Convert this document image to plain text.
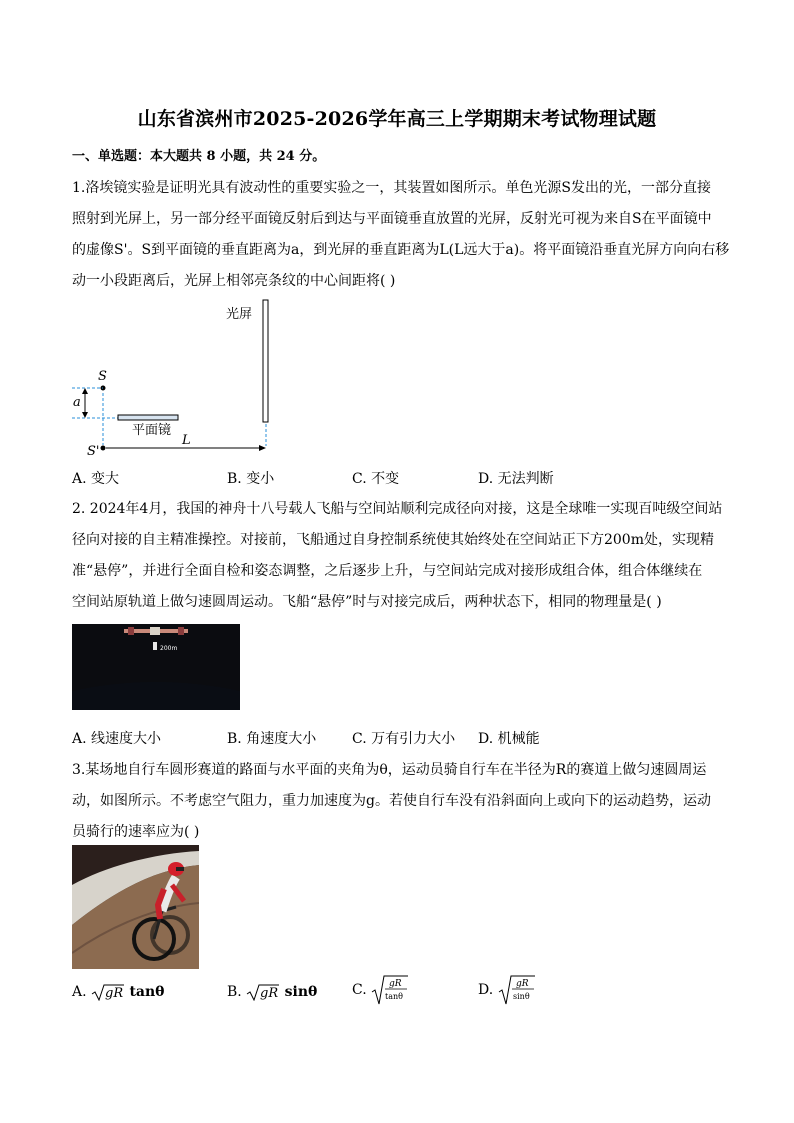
山东省滨州市2025-2026学年高三上学期期末考试物理试题
一、单选题：本大题共 8 小题，共 24 分。
1.洛埃镜实验是证明光具有波动性的重要实验之一，其装置如图所示。单色光源S发出的光，一部分直接
照射到光屏上，另一部分经平面镜反射后到达与平面镜垂直放置的光屏，反射光可视为来自S在平面镜中
的虚像S'。S到平面镜的垂直距离为a，到光屏的垂直距离为L(L远大于a)。将平面镜沿垂直光屏方向向右移
动一小段距离后，光屏上相邻亮条纹的中心间距将( )
光屏
S
S'
a
平面镜
L
A. 变大	B. 变小	C. 不变	D. 无法判断
2. 2024年4月，我国的神舟十八号载人飞船与空间站顺利完成径向对接，这是全球唯一实现百吨级空间站
径向对接的自主精准操控。对接前，飞船通过自身控制系统使其始终处在空间站正下方200m处，实现精
准“悬停”，并进行全面自检和姿态调整，之后逐步上升，与空间站完成对接形成组合体，组合体继续在
空间站原轨道上做匀速圆周运动。飞船“悬停”时与对接完成后，两种状态下，相同的物理量是( )
200m
A. 线速度大小	B. 角速度大小	C. 万有引力大小 D. 机械能
3.某场地自行车圆形赛道的路面与水平面的夹角为θ，运动员骑自行车在半径为R的赛道上做匀速圆周运
动，如图所示。不考虑空气阻力，重力加速度为g。若使自行车没有沿斜面向上或向下的运动趋势，运动
员骑行的速率应为( )
A. gR tanθ	B. gR sinθ C. gR
tanθ	D. gR
sinθ
